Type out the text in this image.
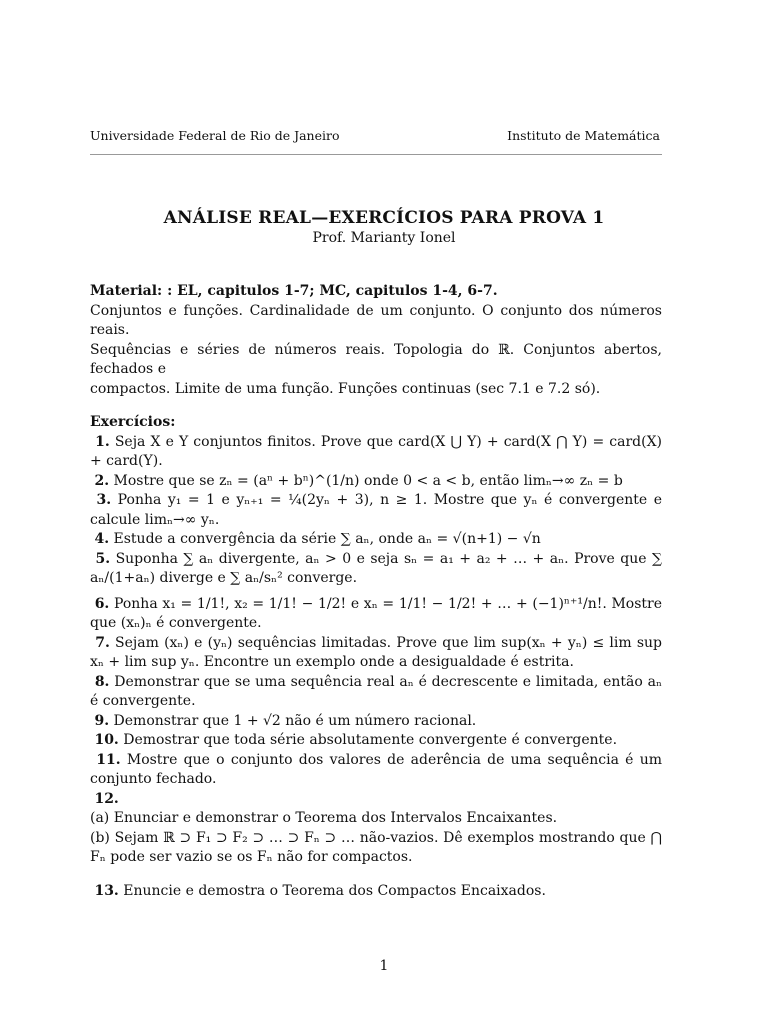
Universidade Federal de Rio de Janeiro	Instituto de Matemática
ANÁLISE REAL—EXERCÍCIOS PARA PROVA 1
Prof. Marianty Ionel

Material: : EL, capitulos 1-7; MC, capitulos 1-4, 6-7.

Conjuntos e funções. Cardinalidade de um conjunto. O conjunto dos números reais.

Sequências e séries de números reais. Topologia do ℝ. Conjuntos abertos, fechados e

compactos. Limite de uma função. Funções continuas (sec 7.1 e 7.2 só).

Exercícios:

1. Seja X e Y conjuntos finitos. Prove que card(X ⋃ Y) + card(X ⋂ Y) = card(X) + card(Y).

2. Mostre que se zₙ = (aⁿ + bⁿ)^(1/n) onde 0 < a < b, então limₙ→∞ zₙ = b

3. Ponha y₁ = 1 e yₙ₊₁ = ¼(2yₙ + 3), n ≥ 1. Mostre que yₙ é convergente e calcule limₙ→∞ yₙ.

4. Estude a convergência da série ∑ aₙ, onde aₙ = √(n+1) − √n

5. Suponha ∑ aₙ divergente, aₙ > 0 e seja sₙ = a₁ + a₂ + … + aₙ. Prove que ∑ aₙ/(1+aₙ) diverge e ∑ aₙ/sₙ² converge.

6. Ponha x₁ = 1/1!, x₂ = 1/1! − 1/2! e xₙ = 1/1! − 1/2! + … + (−1)ⁿ⁺¹/n!. Mostre que (xₙ)ₙ é convergente.

7. Sejam (xₙ) e (yₙ) sequências limitadas. Prove que lim sup(xₙ + yₙ) ≤ lim sup xₙ + lim sup yₙ. Encontre un exemplo onde a desigualdade é estrita.

8. Demonstrar que se uma sequência real aₙ é decrescente e limitada, então aₙ é convergente.

9. Demonstrar que 1 + √2 não é um número racional.

10. Demostrar que toda série absolutamente convergente é convergente.

11. Mostre que o conjunto dos valores de aderência de uma sequência é um conjunto fechado.

12.

(a) Enunciar e demonstrar o Teorema dos Intervalos Encaixantes.

(b) Sejam ℝ ⊃ F₁ ⊃ F₂ ⊃ … ⊃ Fₙ ⊃ … não-vazios. Dê exemplos mostrando que ⋂ Fₙ pode ser vazio se os Fₙ não for compactos.

13. Enuncie e demostra o Teorema dos Compactos Encaixados.

1
